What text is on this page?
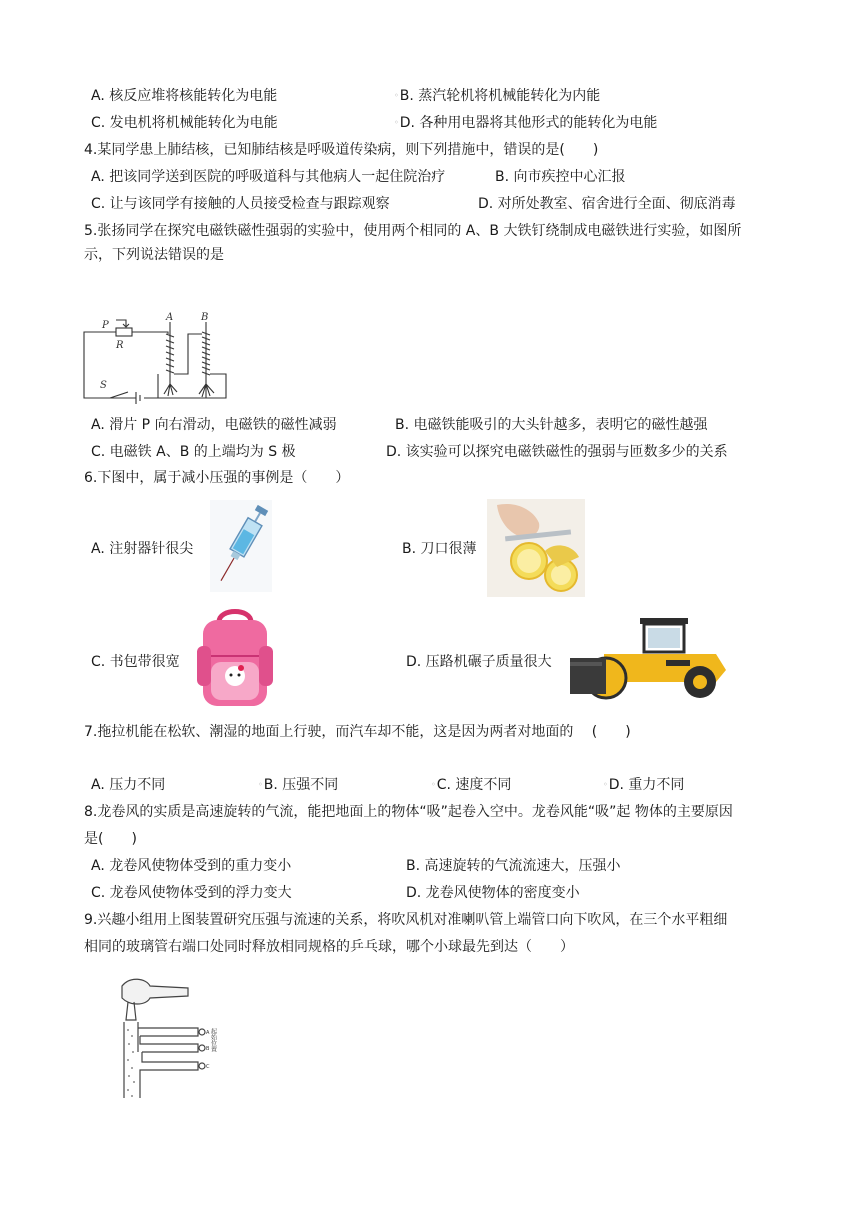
A. 核反应堆将核能转化为电能	◦B. 蒸汽轮机将机械能转化为内能
C. 发电机将机械能转化为电能	◦D. 各种用电器将其他形式的能转化为电能
4.某同学患上肺结核，已知肺结核是呼吸道传染病，则下列措施中，错误的是(　　)
A. 把该同学送到医院的呼吸道科与其他病人一起住院治疗	B. 向市疾控中心汇报
C. 让与该同学有接触的人员接受检查与跟踪观察	D. 对所处教室、宿舍进行全面、彻底消毒
5.张扬同学在探究电磁铁磁性强弱的实验中，使用两个相同的 A、B 大铁钉绕制成电磁铁进行实验，如图所
示，下列说法错误的是
P
R
S
A	B
A. 滑片 P 向右滑动，电磁铁的磁性减弱	B. 电磁铁能吸引的大头针越多，表明它的磁性越强
C. 电磁铁 A、B 的上端均为 S 极	D. 该实验可以探究电磁铁磁性的强弱与匝数多少的关系
6.下图中，属于减小压强的事例是（　　）
A. 注射器针很尖	B. 刀口很薄
C. 书包带很宽	D. 压路机碾子质量很大
7.拖拉机能在松软、潮湿的地面上行驶，而汽车却不能，这是因为两者对地面的　 (　　)
A. 压力不同	◦B. 压强不同	◦C. 速度不同	◦D. 重力不同
8.龙卷风的实质是高速旋转的气流，能把地面上的物体“吸”起卷入空中。龙卷风能“吸”起 物体的主要原因
是(　　)
A. 龙卷风使物体受到的重力变小	B. 高速旋转的气流流速大，压强小
C. 龙卷风使物体受到的浮力变大	D. 龙卷风使物体的密度变小
9.兴趣小组用上图装置研究压强与流速的关系，将吹风机对准喇叭管上端管口向下吹风，在三个水平粗细
相同的玻璃管右端口处同时释放相同规格的乒乓球，哪个小球最先到达（　　）
A
B
C
起始位置
